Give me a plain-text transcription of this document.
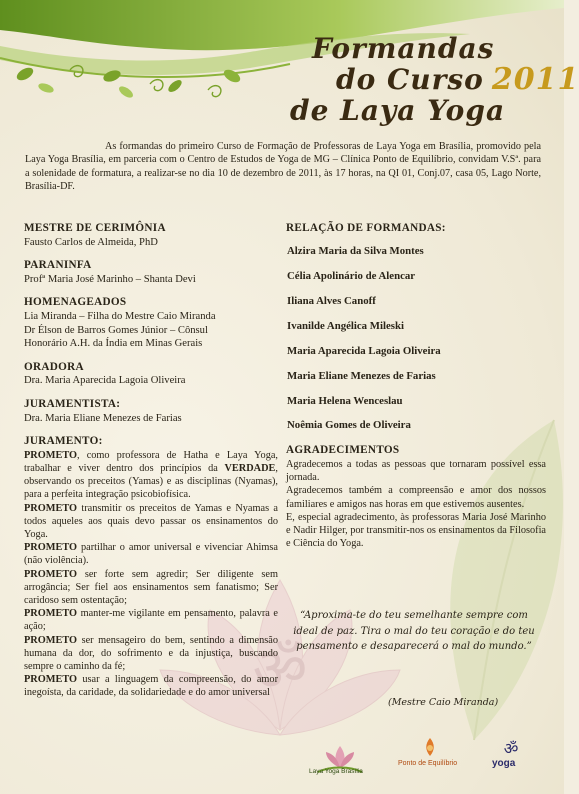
ॐ
Formandas
do Curso 2011
de Laya Yoga
As formandas do primeiro Curso de Formação de Professoras de Laya Yoga em Brasília, promovido pela Laya Yoga Brasília, em parceria com o Centro de Estudos de Yoga de MG – Clínica Ponto de Equilíbrio, convidam V.Sª. para a solenidade de formatura, a realizar-se no dia 10 de dezembro de 2011, às 17 horas, na QI 01, Conj.07, casa 05, Lago Norte, Brasília-DF.
MESTRE DE CERIMÔNIA
Fausto Carlos de Almeida, PhD
PARANINFA
Profª Maria José Marinho – Shanta Devi
HOMENAGEADOS
Lia Miranda – Filha do Mestre Caio Miranda
Dr Élson de Barros Gomes Júnior – Cônsul
Honorário A.H. da Índia em Minas Gerais
ORADORA
Dra. Maria Aparecida Lagoia Oliveira
JURAMENTISTA:
Dra. Maria Eliane Menezes de Farias
JURAMENTO:

PROMETO, como professora de Hatha e Laya Yoga, trabalhar e viver dentro dos princípios da VERDADE, observando os preceitos (Yamas) e as disciplinas (Nyamas), para a perfeita integração psicobiofísica.

PROMETO transmitir os preceitos de Yamas e Nyamas a todos aqueles aos quais devo passar os ensinamentos do Yoga.

PROMETO partilhar o amor universal e vivenciar Ahimsa (não violência).

PROMETO ser forte sem agredir; Ser diligente sem arrogância; Ser fiel aos ensinamentos sem fanatismo; Ser caridoso sem ostentação;

PROMETO manter-me vigilante em pensamento, palavra e ação;

PROMETO ser mensageiro do bem, sentindo a dimensão humana da dor, do sofrimento e da injustiça, buscando sempre o caminho da fé;

PROMETO usar a linguagem da compreensão, do amor inegoísta, da caridade, da solidariedade e do amor universal

RELAÇÃO DE FORMANDAS:
Alzira Maria da Silva Montes
Célia Apolinário de Alencar
Iliana Alves Canoff
Ivanilde Angélica Mileski
Maria Aparecida Lagoia Oliveira
Maria Eliane Menezes de Farias
Maria Helena Wenceslau
Noêmia Gomes de Oliveira
AGRADECIMENTOS

Agradecemos a todas as pessoas que tornaram possível essa jornada.

Agradecemos também a compreensão e amor dos nossos familiares e amigos nas horas em que estivemos ausentes.

E, especial agradecimento, às professoras Maria José Marinho e Nadir Hilger, por transmitir-nos os ensinamentos da Filosofia e Ciência do Yoga.

“Aproxima-te do teu semelhante sempre com ideal de paz. Tira o mal do teu coração e do teu pensamento e desaparecerá o mal do mundo.”
(Mestre Caio Miranda)
Laya Yoga Brasília
Ponto de Equilíbrio
ॐ
yoga
